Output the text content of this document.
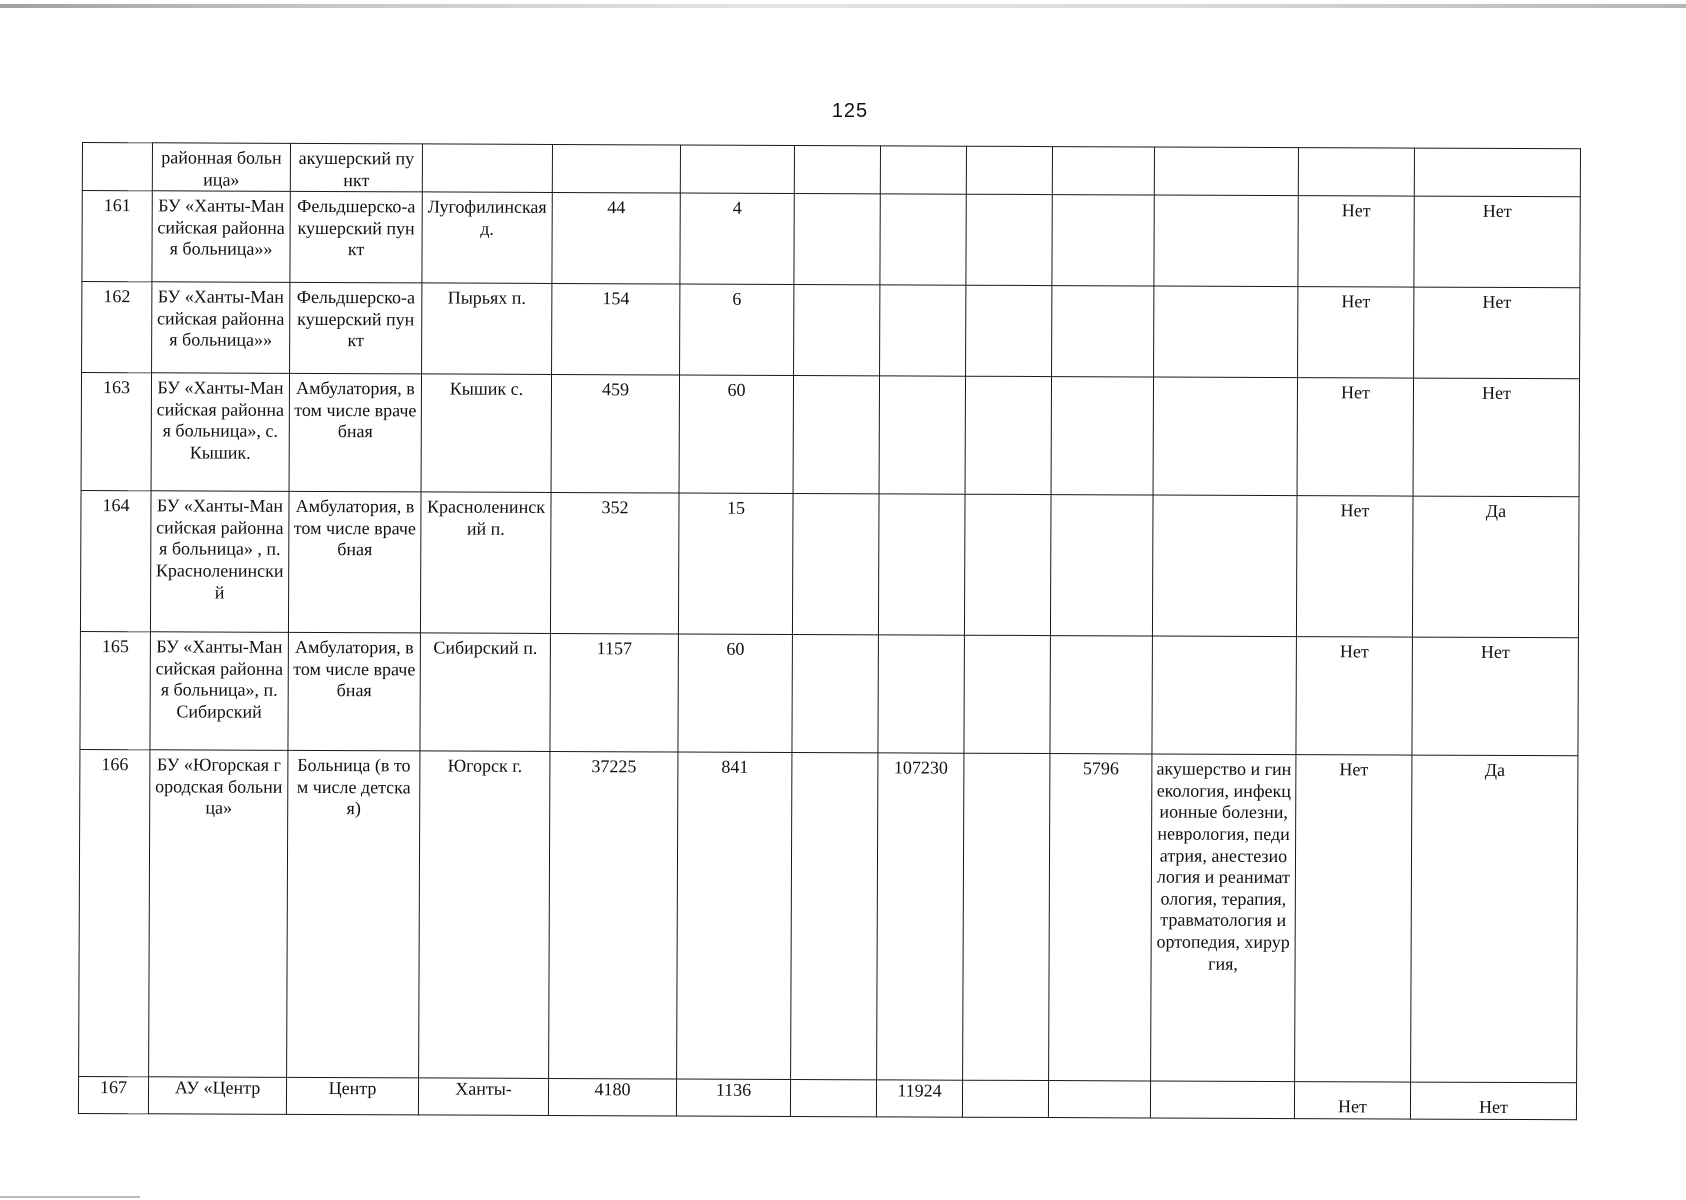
125
	районная больница»	акушерский пункт										
161	БУ «Ханты-Мансийская районная больница»»	Фельдшерско-акушерский пункт	Лугофилинская д.	44	4						Нет	Нет
162	БУ «Ханты-Мансийская районная больница»»	Фельдшерско-акушерский пункт	Пырьях п.	154	6						Нет	Нет
163	БУ «Ханты-Мансийская районная больница», с. Кышик.	Амбулатория, в том числе врачебная	Кышик с.	459	60						Нет	Нет
164	БУ «Ханты-Мансийская районная больница» , п. Красноленинский	Амбулатория, в том числе врачебная	Красноленинский п.	352	15						Нет	Да
165	БУ «Ханты-Мансийская районная больница», п. Сибирский	Амбулатория, в том числе врачебная	Сибирский п.	1157	60						Нет	Нет
166	БУ «Югорская городская больница»	Больница (в том числе детская)	Югорск г.	37225	841		107230		5796	акушерство и гинекология, инфекционные болезни, неврология, педиатрия, анестезиология и реаниматология, терапия, травматология и ортопедия, хирургия,	Нет	Да
167	АУ «Центр	Центр	Ханты-	4180	1136		11924				Нет	Нет
